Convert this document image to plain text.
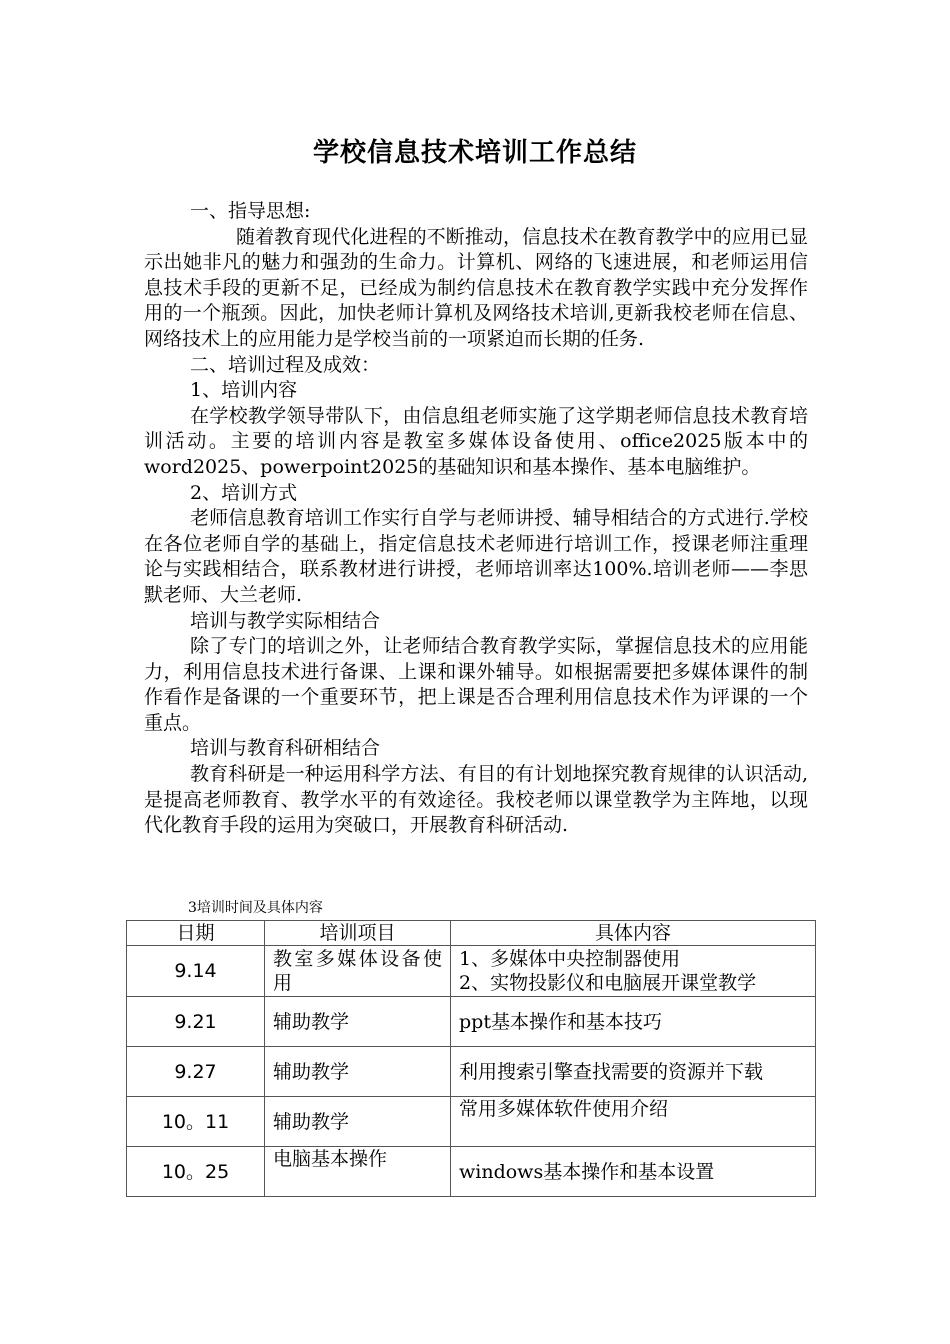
学校信息技术培训工作总结

一、指导思想:

随着教育现代化进程的不断推动，信息技术在教育教学中的应用已显示出她非凡的魅力和强劲的生命力。计算机、网络的飞速进展，和老师运用信息技术手段的更新不足，已经成为制约信息技术在教育教学实践中充分发挥作用的一个瓶颈。因此，加快老师计算机及网络技术培训,更新我校老师在信息、网络技术上的应用能力是学校当前的一项紧迫而长期的任务.

二、培训过程及成效：

1、培训内容

在学校教学领导带队下，由信息组老师实施了这学期老师信息技术教育培训活动。主要的培训内容是教室多媒体设备使用、office2025版本中的word2025、powerpoint2025的基础知识和基本操作、基本电脑维护。

2、培训方式

老师信息教育培训工作实行自学与老师讲授、辅导相结合的方式进行.学校在各位老师自学的基础上，指定信息技术老师进行培训工作，授课老师注重理论与实践相结合，联系教材进行讲授，老师培训率达100%.培训老师——李思默老师、大兰老师.

培训与教学实际相结合

除了专门的培训之外，让老师结合教育教学实际，掌握信息技术的应用能力，利用信息技术进行备课、上课和课外辅导。如根据需要把多媒体课件的制作看作是备课的一个重要环节，把上课是否合理利用信息技术作为评课的一个重点。

培训与教育科研相结合

教育科研是一种运用科学方法、有目的有计划地探究教育规律的认识活动,是提高老师教育、教学水平的有效途径。我校老师以课堂教学为主阵地，以现代化教育手段的运用为突破口，开展教育科研活动.

3培训时间及具体内容
日期	培训项目	具体内容
9.14	教室多媒体设备使用	1、多媒体中央控制器使用
2、实物投影仪和电脑展开课堂教学

9.21	辅助教学	ppt基本操作和基本技巧
9.27	辅助教学	利用搜索引擎查找需要的资源并下载
10。11	辅助教学	常用多媒体软件使用介绍
10。25	电脑基本操作	windows基本操作和基本设置
